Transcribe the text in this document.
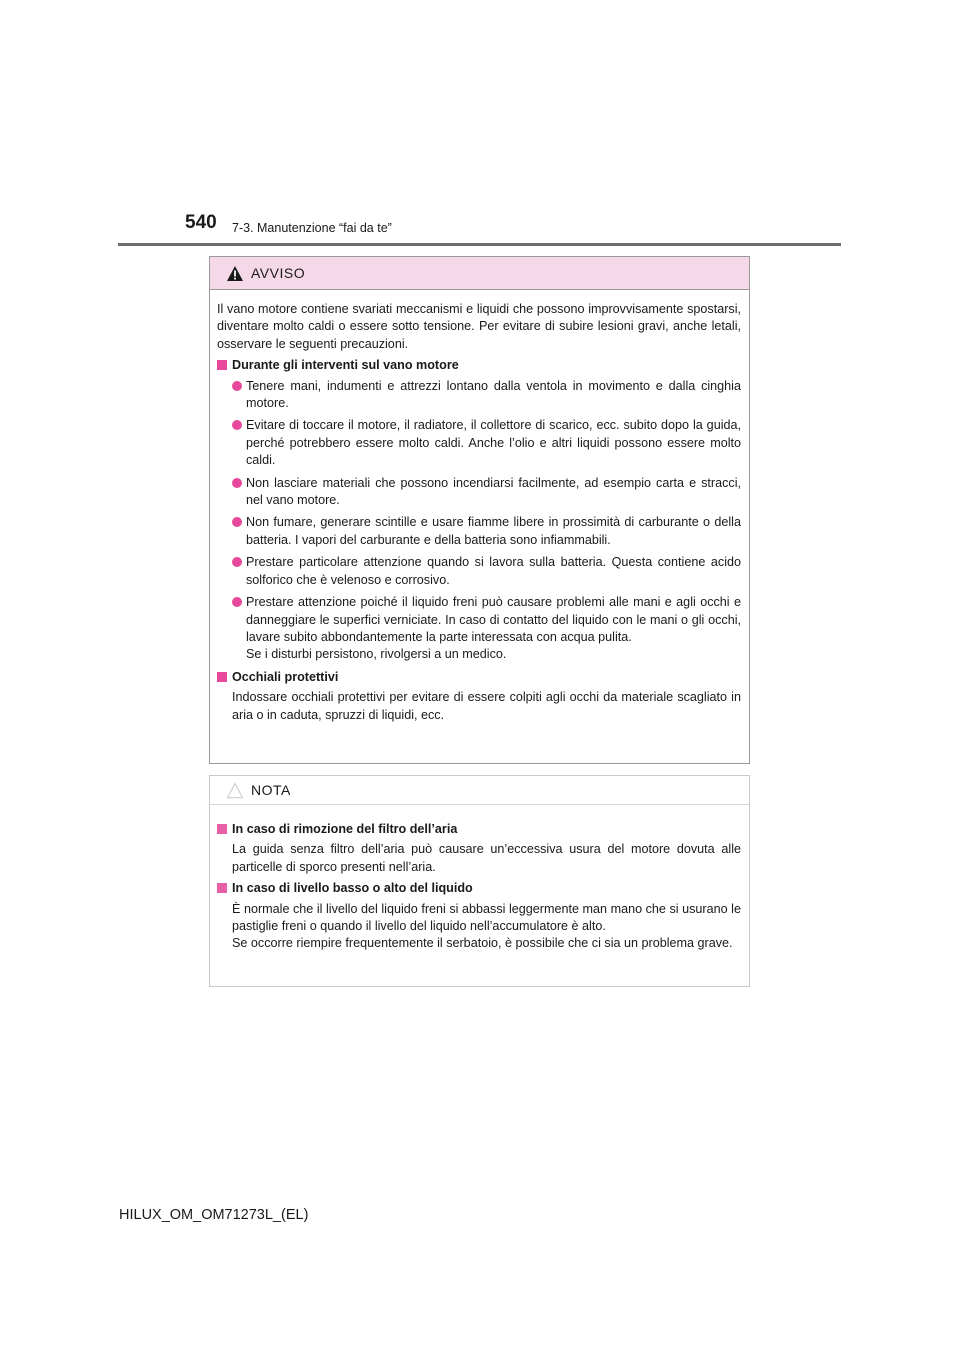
540 7-3. Manutenzione “fai da te”
AVVISO

Il vano motore contiene svariati meccanismi e liquidi che possono improvvisamente spostarsi, diventare molto caldi o essere sotto tensione. Per evitare di subire lesioni gravi, anche letali, osservare le seguenti precauzioni.

Durante gli interventi sul vano motore
Tenere mani, indumenti e attrezzi lontano dalla ventola in movimento e dalla cinghia motore.
Evitare di toccare il motore, il radiatore, il collettore di scarico, ecc. subito dopo la guida, perché potrebbero essere molto caldi. Anche l’olio e altri liquidi possono essere molto caldi.
Non lasciare materiali che possono incendiarsi facilmente, ad esempio carta e stracci, nel vano motore.
Non fumare, generare scintille e usare fiamme libere in prossimità di carburante o della batteria. I vapori del carburante e della batteria sono infiammabili.
Prestare particolare attenzione quando si lavora sulla batteria. Questa contiene acido solforico che è velenoso e corrosivo.
Prestare attenzione poiché il liquido freni può causare problemi alle mani e agli occhi e danneggiare le superfici verniciate. In caso di contatto del liquido con le mani o gli occhi, lavare subito abbondantemente la parte interessata con acqua pulita.
Se i disturbi persistono, rivolgersi a un medico.
Occhiali protettivi

Indossare occhiali protettivi per evitare di essere colpiti agli occhi da materiale scagliato in aria o in caduta, spruzzi di liquidi, ecc.

NOTA
In caso di rimozione del filtro dell’aria

La guida senza filtro dell’aria può causare un’eccessiva usura del motore dovuta alle particelle di sporco presenti nell’aria.

In caso di livello basso o alto del liquido

È normale che il livello del liquido freni si abbassi leggermente man mano che si usurano le pastiglie freni o quando il livello del liquido nell’accumulatore è alto.
Se occorre riempire frequentemente il serbatoio, è possibile che ci sia un problema grave.

HILUX_OM_OM71273L_(EL)
